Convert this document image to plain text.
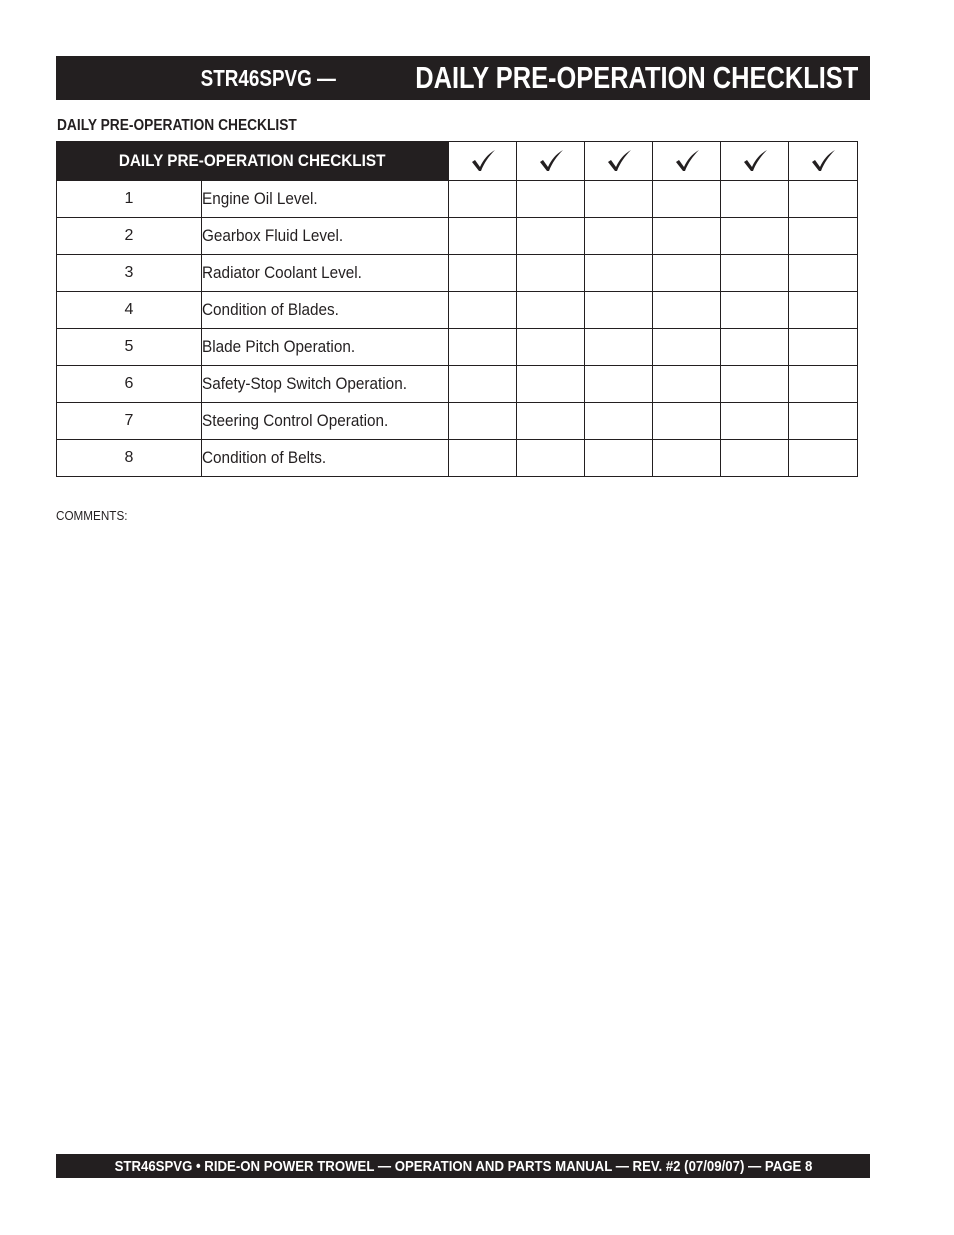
STR46SPVG —	DAILY PRE-OPERATION CHECKLIST
DAILY PRE-OPERATION CHECKLIST
DAILY PRE-OPERATION CHECKLIST	

1	Engine Oil Level.						
2	Gearbox Fluid Level.						
3	Radiator Coolant Level.						
4	Condition of Blades.						
5	Blade Pitch Operation.						
6	Safety-Stop Switch Operation.						
7	Steering Control Operation.						
8	Condition of Belts.						
COMMENTS:
STR46SPVG • RIDE-ON POWER TROWEL — OPERATION AND PARTS MANUAL — REV. #2 (07/09/07) — PAGE 8
